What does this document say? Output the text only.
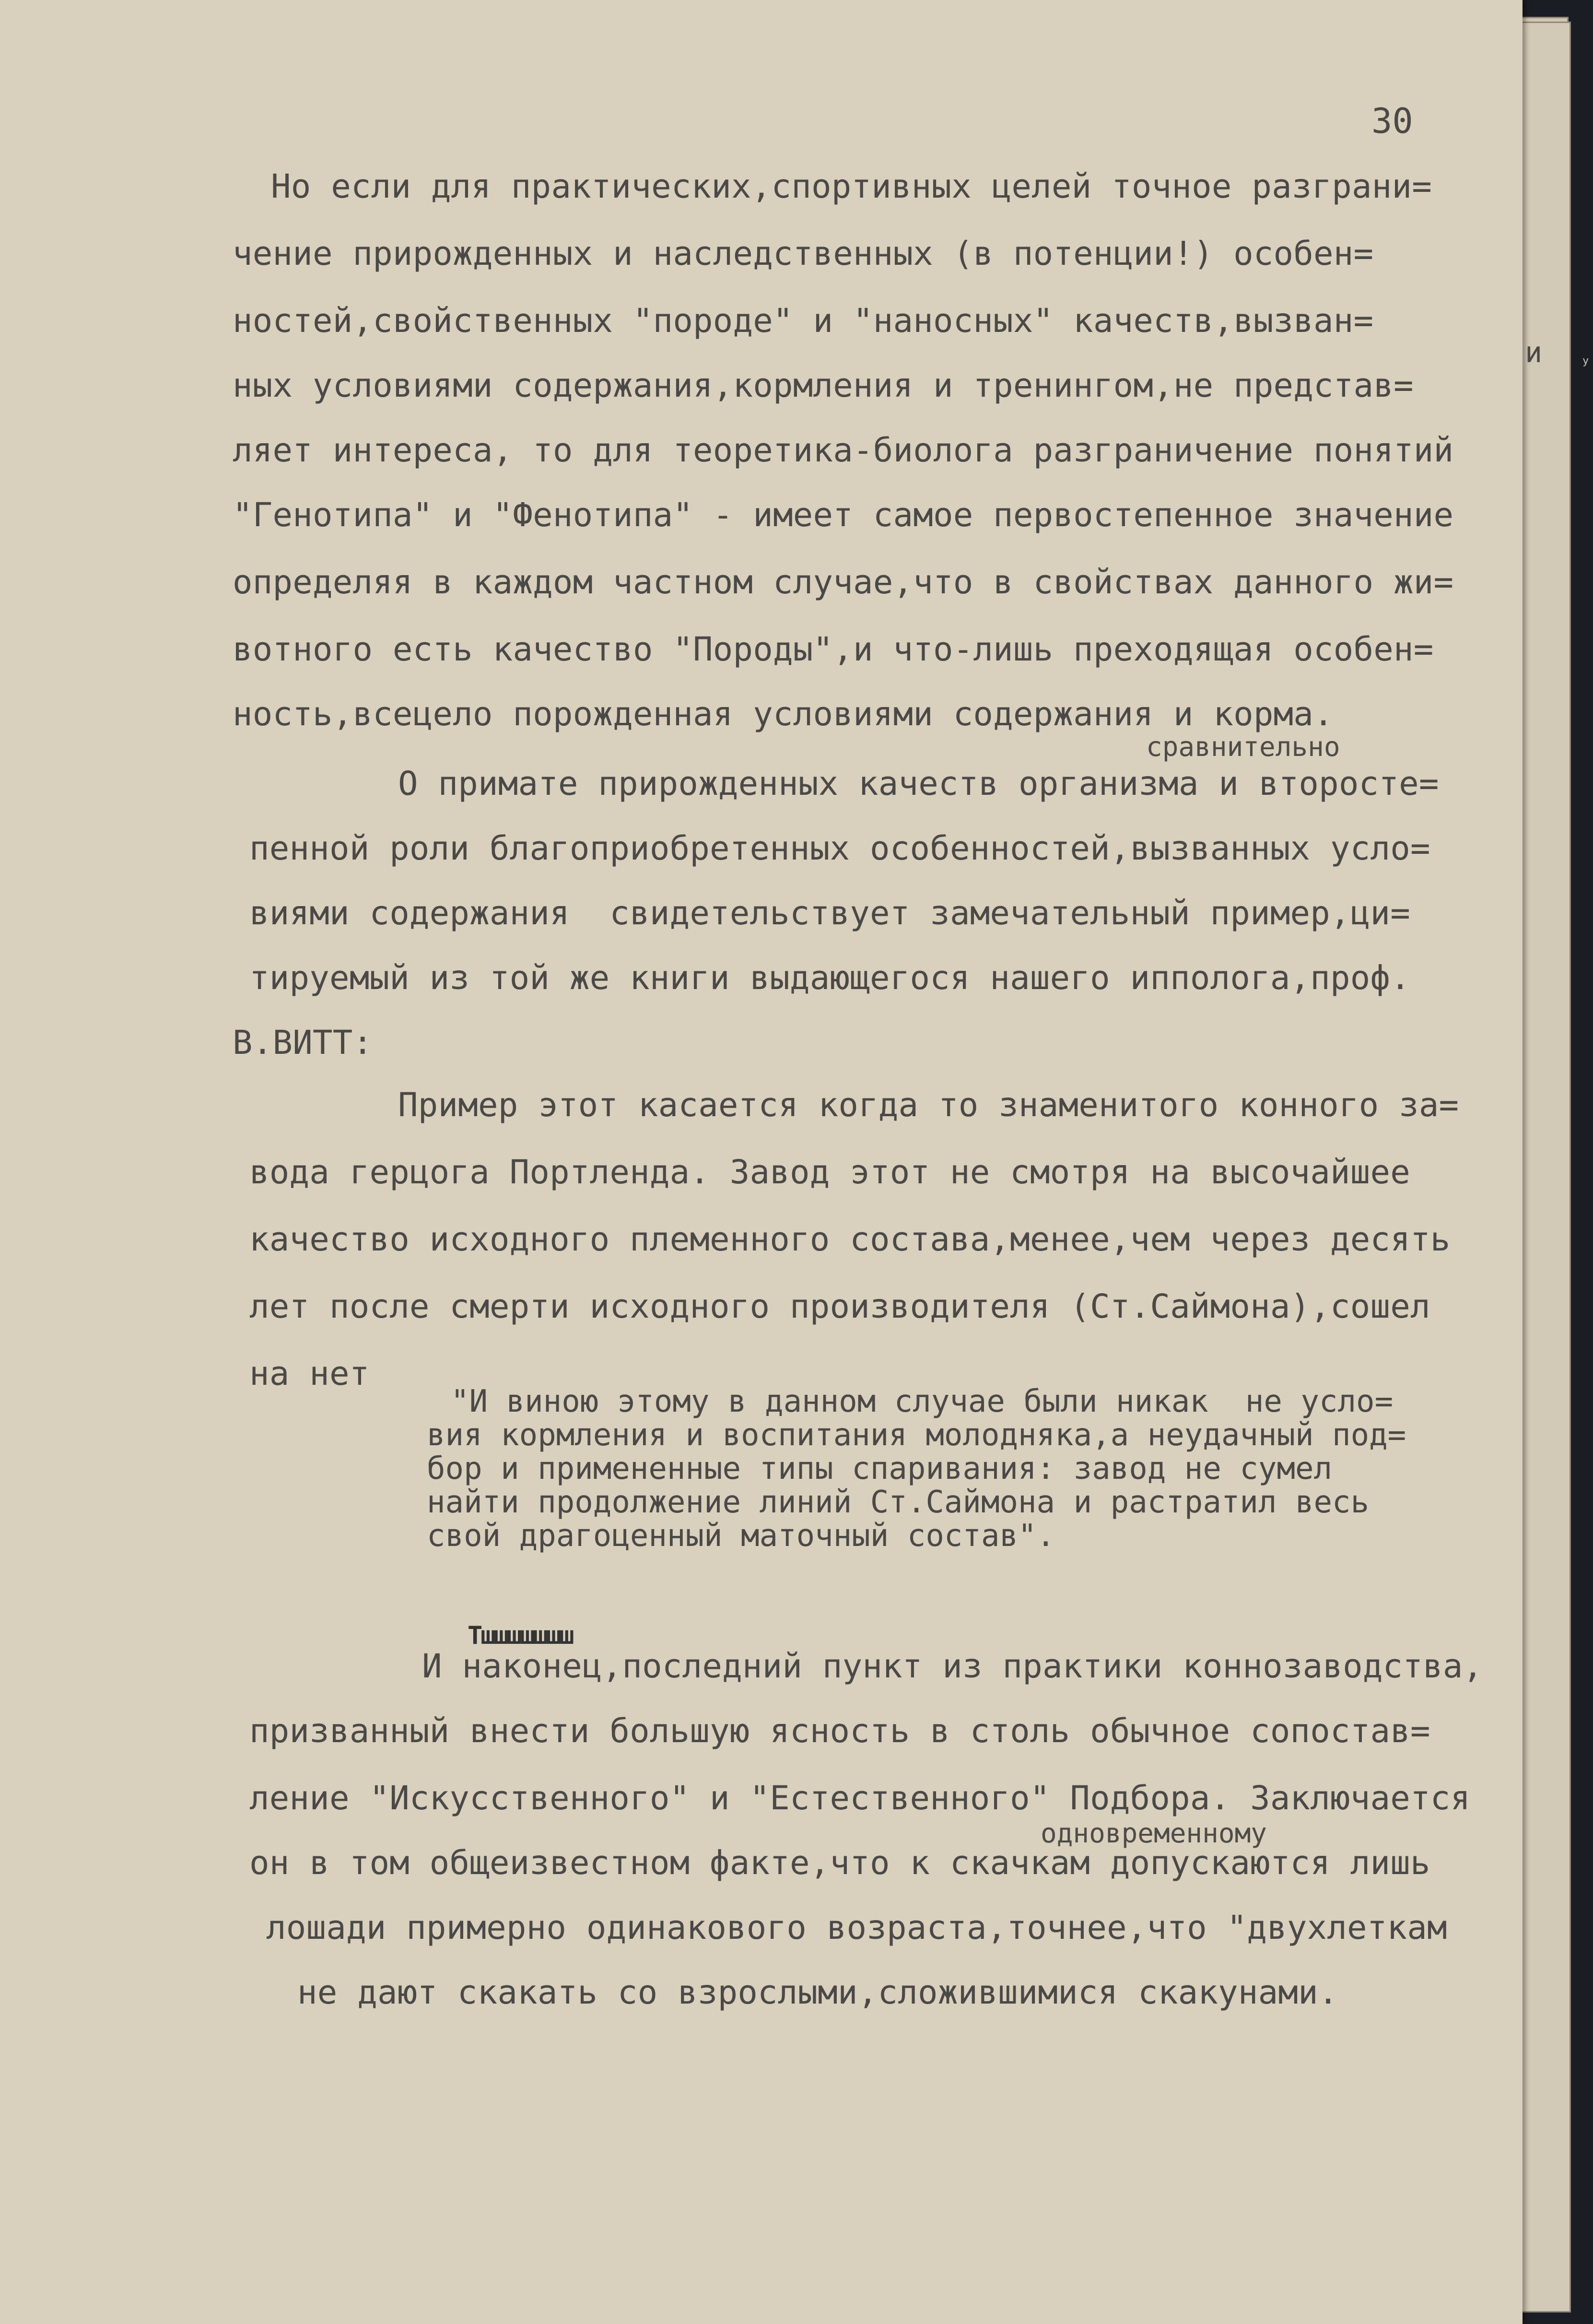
30
Но если для практических,спортивных целей точное разграни=
чение прирожденных и наследственных (в потенции!) особен=
ностей,свойственных "породе" и "наносных" качеств,вызван=
ных условиями содержания,кормления и тренингом,не представ=
ляет интереса, то для теоретика-биолога разграничение понятий
"Генотипа" и "Фенотипа" - имеет самое первостепенное значение
определяя в каждом частном случае,что в свойствах данного жи=
вотного есть качество "Породы",и что-лишь преходящая особен=
ность,всецело порожденная условиями содержания и корма.
сравнительно
О примате прирожденных качеств организма и второсте=
пенной роли благоприобретенных особенностей,вызванных усло=
виями содержания  свидетельствует замечательный пример,ци=
тируемый из той же книги выдающегося нашего иппологa,проф.
В.ВИТТ:
Пример этот касается когда то знаменитого конного за=
вода герцога Портленда. Завод этот не смотря на высочайшее
качество исходного племенного состава,менее,чем через десять
лет после смерти исходного производителя (Ст.Саймона),сошел
на нет
"И виною этому в данном случае были никак  не усло=
вия кормления и воспитания молодняка,а неудачный под=
бор и примененные типы спаривания: завод не сумел
найти продолжение линий Ст.Саймона и растратил весь
свой драгоценный маточный состав".
Тшшшшшшш
И наконец,последний пункт из практики коннозаводства,
призванный внести большую ясность в столь обычное сопостав=
ление "Искусственного" и "Естественного" Подбора. Заключается
одновременному
он в том общеизвестном факте,что к скачкам допускаются лишь
лошади примерно одинакового возраста,точнее,что "двухлеткам
не дают скакать со взрослыми,сложившимися скакунами.
и	у
